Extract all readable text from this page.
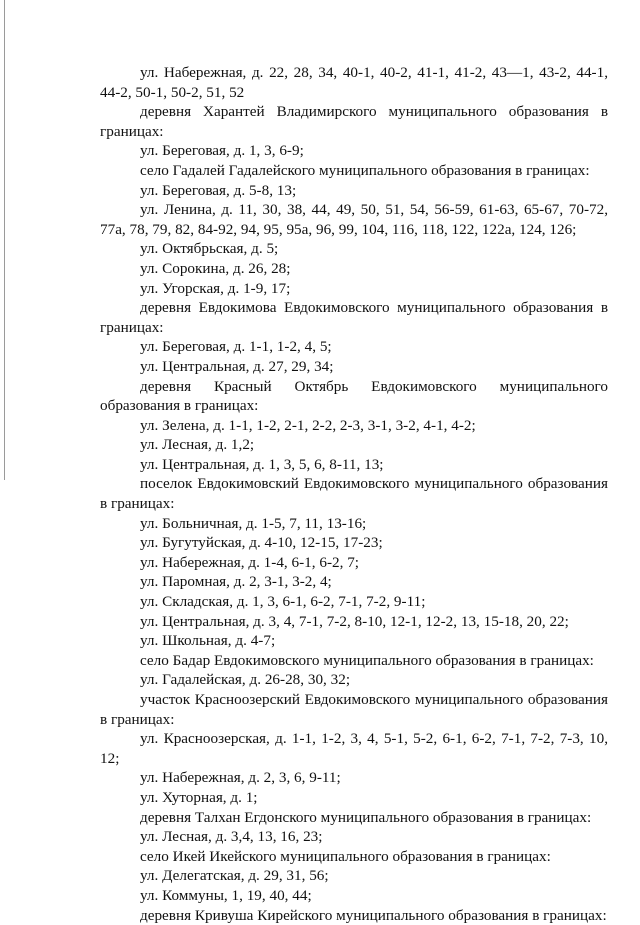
ул. Набережная, д. 22, 28, 34, 40-1, 40-2, 41-1, 41-2, 43—1, 43-2, 44-1, 44-2, 50-1, 50-2, 51, 52
деревня Харантей Владимирского муниципального образования в границах:
ул. Береговая, д. 1, 3, 6-9;
село Гадалей Гадалейского муниципального образования в границах:
ул. Береговая, д. 5-8, 13;
ул. Ленина, д. 11, 30, 38, 44, 49, 50, 51, 54, 56-59, 61-63, 65-67, 70-72, 77а, 78, 79, 82, 84-92, 94, 95, 95а, 96, 99, 104, 116, 118, 122, 122а, 124, 126;
ул. Октябрьская, д. 5;
ул. Сорокина, д. 26, 28;
ул. Угорская, д. 1-9, 17;
деревня Евдокимова Евдокимовского муниципального образования в границах:
ул. Береговая, д. 1-1, 1-2, 4, 5;
ул. Центральная, д. 27, 29, 34;
деревня Красный Октябрь Евдокимовского муниципального образования в границах:
ул. Зелена, д. 1-1, 1-2, 2-1, 2-2, 2-3, 3-1, 3-2, 4-1, 4-2;
ул. Лесная, д. 1,2;
ул. Центральная, д. 1, 3, 5, 6, 8-11, 13;
поселок Евдокимовский Евдокимовского муниципального образования в границах:
ул. Больничная, д. 1-5, 7, 11, 13-16;
ул. Бугутуйская, д. 4-10, 12-15, 17-23;
ул. Набережная, д. 1-4, 6-1, 6-2, 7;
ул. Паромная, д. 2, 3-1, 3-2, 4;
ул. Складская, д. 1, 3, 6-1, 6-2, 7-1, 7-2, 9-11;
ул. Центральная, д. 3, 4, 7-1, 7-2, 8-10, 12-1, 12-2, 13, 15-18, 20, 22;
ул. Школьная, д. 4-7;
село Бадар Евдокимовского муниципального образования в границах:
ул. Гадалейская, д. 26-28, 30, 32;
участок Красноозерский Евдокимовского муниципального образования в границах:
ул. Красноозерская, д. 1-1, 1-2, 3, 4, 5-1, 5-2, 6-1, 6-2, 7-1, 7-2, 7-3, 10, 12;
ул. Набережная, д. 2, 3, 6, 9-11;
ул. Хуторная, д. 1;
деревня Талхан Егдонского муниципального образования в границах:
ул. Лесная, д. 3,4, 13, 16, 23;
село Икей Икейского муниципального образования в границах:
ул. Делегатская, д. 29, 31, 56;
ул. Коммуны, 1, 19, 40, 44;
деревня Кривуша Кирейского муниципального образования в границах:
